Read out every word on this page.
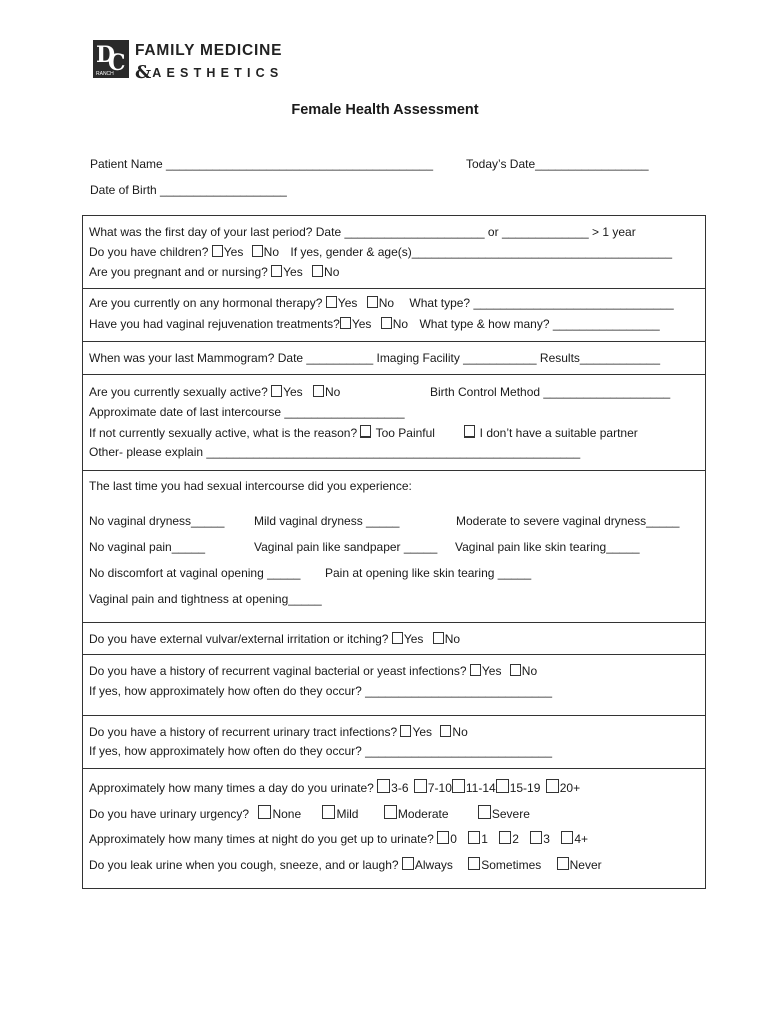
D
C
RANCH
FAMILY MEDICINE
&AESTHETICS
Female Health Assessment
Patient Name ________________________________________	Today’s Date_________________
Date of Birth ___________________
What was the first day of your last period? Date _____________________ or _____________ > 1 year
Do you have children? Yes No If yes, gender & age(s)_______________________________________
Are you pregnant and or nursing? Yes No
Are you currently on any hormonal therapy? Yes No What type? ______________________________
Have you had vaginal rejuvenation treatments? Yes No What type & how many? ________________
When was your last Mammogram? Date __________ Imaging Facility ___________ Results____________
Are you currently sexually active? Yes No	Birth Control Method ___________________
Approximate date of last intercourse __________________
If not currently sexually active, what is the reason?  Too Painful	I don’t have a suitable partner
Other- please explain ________________________________________________________
The last time you had sexual intercourse did you experience:
No vaginal dryness_____ Mild vaginal dryness _____	Moderate to severe vaginal dryness_____
No vaginal pain_____	Vaginal pain like sandpaper _____ Vaginal pain like skin tearing_____
No discomfort at vaginal opening _____ Pain at opening like skin tearing _____
Vaginal pain and tightness at opening_____
Do you have external vulvar/external irritation or itching? Yes No
Do you have a history of recurrent vaginal bacterial or yeast infections? Yes No
If yes, how approximately how often do they occur? ____________________________
Do you have a history of recurrent urinary tract infections? Yes No
If yes, how approximately how often do they occur? ____________________________
Approximately how many times a day do you urinate? 3-6 7-10 11-14 15-19 20+
Do you have urinary urgency? None	Mild	Moderate	Severe
Approximately how many times at night do you get up to urinate? 0 1 2 3 4+
Do you leak urine when you cough, sneeze, and or laugh? Always Sometimes Never
